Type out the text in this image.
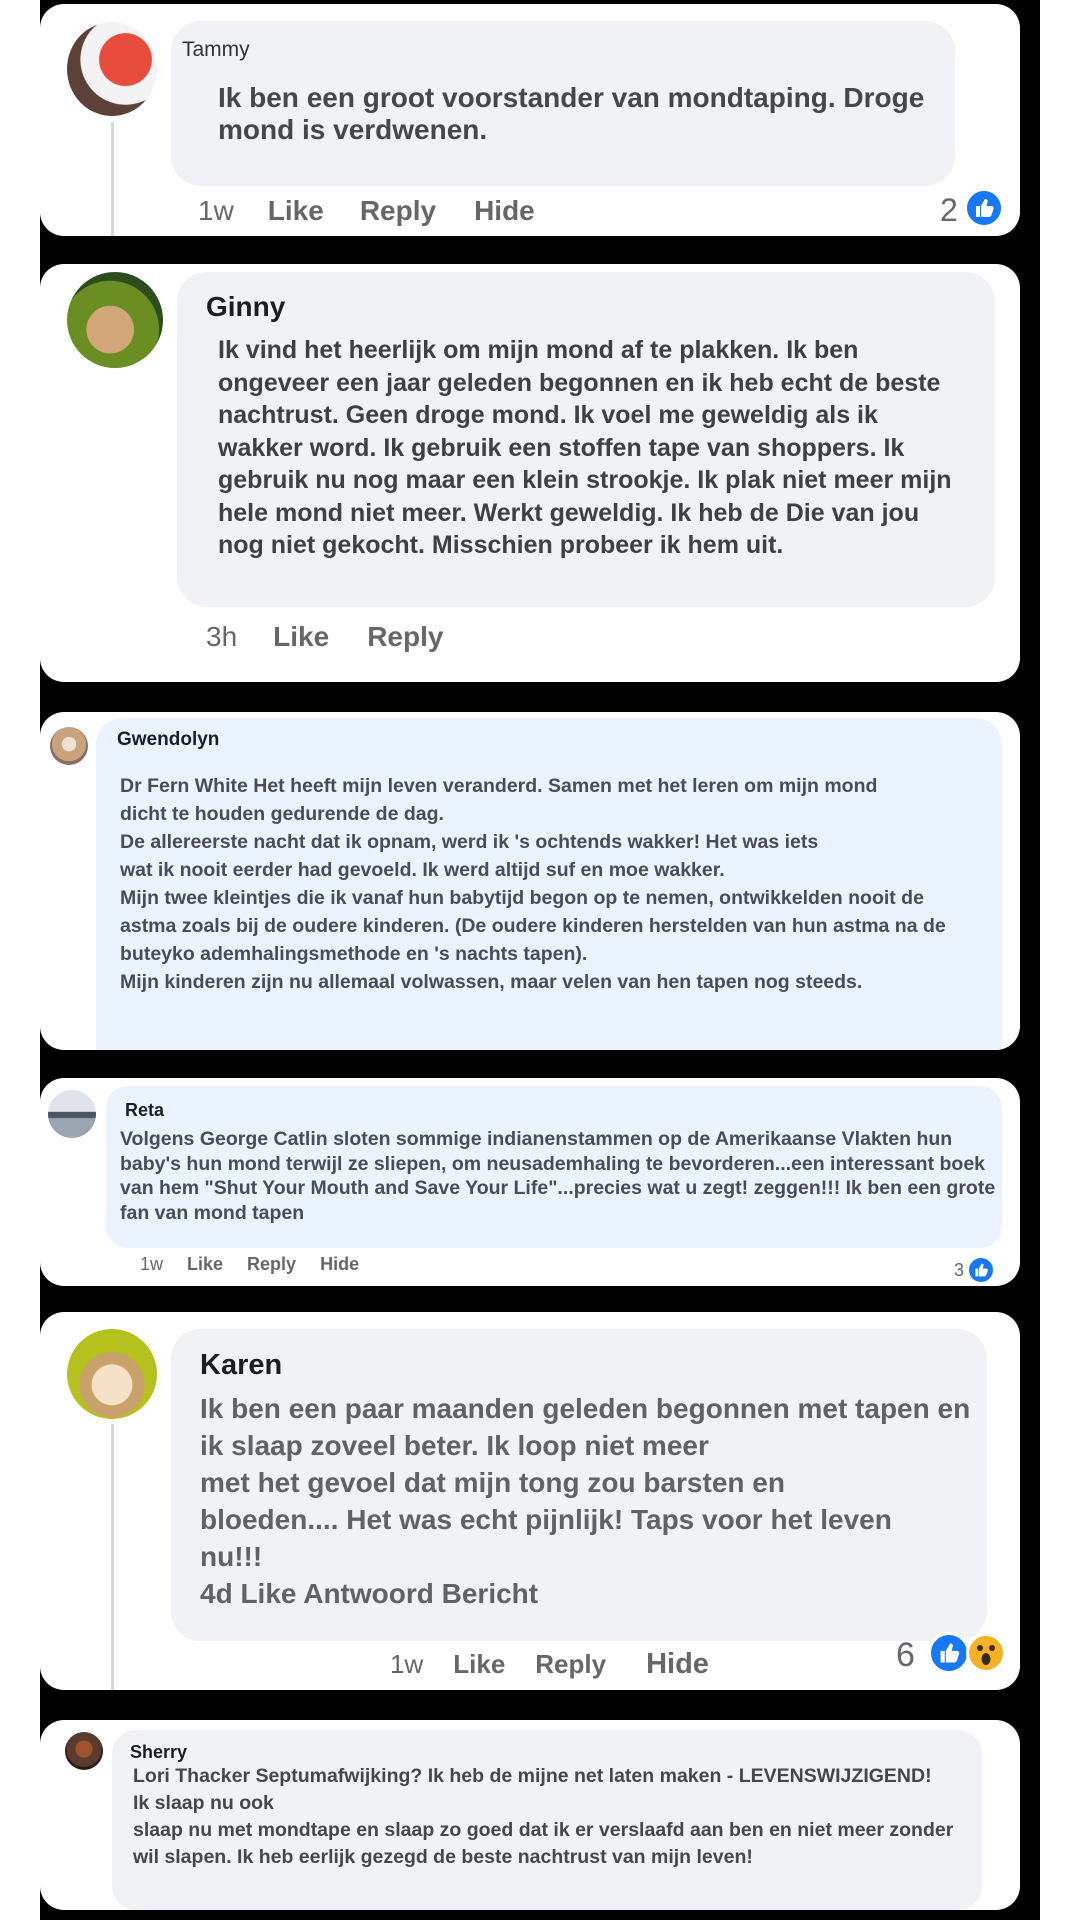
Tammy
Ik ben een groot voorstander van mondtaping. Droge mond is verdwenen.
1w Like Reply Hide	2
Ginny
Ik vind het heerlijk om mijn mond af te plakken. Ik ben ongeveer een jaar geleden begonnen en ik heb echt de beste nachtrust. Geen droge mond. Ik voel me geweldig als ik wakker word. Ik gebruik een stoffen tape van shoppers. Ik gebruik nu nog maar een klein strookje. Ik plak niet meer mijn hele mond niet meer. Werkt geweldig. Ik heb de Die van jou nog niet gekocht. Misschien probeer ik hem uit.
3h Like Reply
Gwendolyn

Dr Fern White Het heeft mijn leven veranderd. Samen met het leren om mijn mond dicht te houden gedurende de dag.

De allereerste nacht dat ik opnam, werd ik 's ochtends wakker! Het was iets wat ik nooit eerder had gevoeld. Ik werd altijd suf en moe wakker.

Mijn twee kleintjes die ik vanaf hun babytijd begon op te nemen, ontwikkelden nooit de astma zoals bij de oudere kinderen. (De oudere kinderen herstelden van hun astma na de buteyko ademhalingsmethode en 's nachts tapen).

Mijn kinderen zijn nu allemaal volwassen, maar velen van hen tapen nog steeds.

Reta
Volgens George Catlin sloten sommige indianenstammen op de Amerikaanse Vlakten hun baby's hun mond terwijl ze sliepen, om neusademhaling te bevorderen...een interessant boek van hem "Shut Your Mouth and Save Your Life"...precies wat u zegt! zeggen!!! Ik ben een grote fan van mond tapen
1w Like Reply Hide	3
Karen

Ik ben een paar maanden geleden begonnen met tapen en ik slaap zoveel beter. Ik loop niet meer

met het gevoel dat mijn tong zou barsten en

bloeden.... Het was echt pijnlijk! Taps voor het leven

nu!!!

4d Like Antwoord Bericht

1w Like Reply Hide	6
Sherry

Lori Thacker Septumafwijking? Ik heb de mijne net laten maken - LEVENSWIJZIGEND!

Ik slaap nu ook

slaap nu met mondtape en slaap zo goed dat ik er verslaafd aan ben en niet meer zonder wil slapen. Ik heb eerlijk gezegd de beste nachtrust van mijn leven!
